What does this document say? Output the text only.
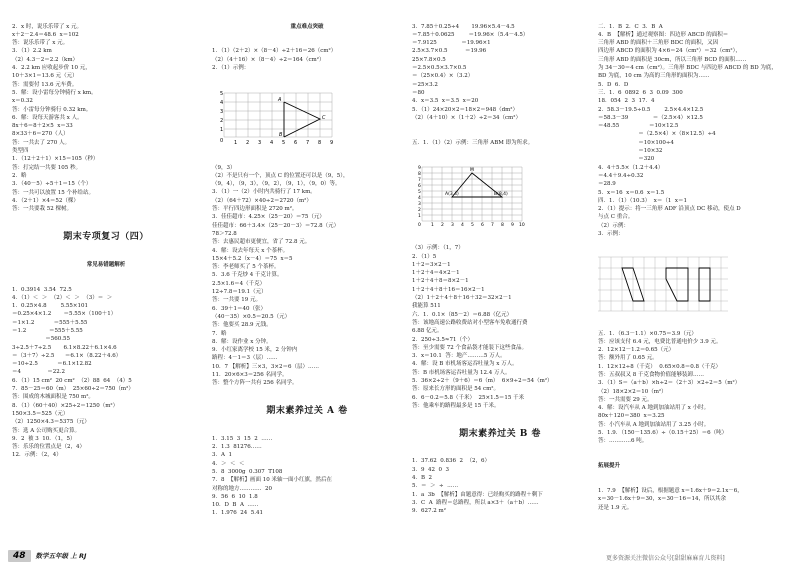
2．x 时，说乐乐带了 x 元。
x＋2－2.4＝48.6  x＝102
答：说乐乐带了 x 元。
3．（1）2.2 km
（2）4.3－2＝2.2（km）
4．2.2 km 应收起步价 10 元，
10＋3×1＝13.6 元（元）
答：需要付 13.6 元车费。
5．解：设小雷每分钟骑行 x km。
x＝0.32
答：小雷每分钟骑行 0.32 km。
6．解：设每天游客共 x 人。
8x＋6＝8＋2×5  x＝33
8×33＋6＝270（人）
答：一共去了 270 人。
类型四
1．（12＋2＋1）×15＝105（秒）
答：打完结一共要 105 秒。
2．略
3．（40－5）÷5＋1＝15（个）
答：一共可以放置 15 个补给站。
4．（2＋1）×4＝52（棵）
答：一共要栽 52 棵树。

期末专项复习（四）

常见易错题解析

1．0.3914  3.54  72.5
4．（1）＜  ＞  （2）＜  ＞  （3）＝  ＞
1．0.25×4.8        5.55×101
＝0.25×4×1.2       ＝5.55×（100＋1）
＝1×1.2           ＝555＋5.55
＝1.2             ＝555＋5.55
＝560.55
3÷2.5＋7÷2.5       6.1×8.22＋6.1×4.6
＝（3＋7）÷2.5      ＝6.1×（8.22＋4.6）
＝10÷2.5           ＝6.1×12.82
＝4               ＝22.2
6．（1）15 cm²  20 cm²  （2）88  64  （4）5
7．85－25＝60（m）  25×60÷2＝750（m²）
答：围成的木城面积是 750 m²。
8．（1）（60＋40）×25÷2＝1250（m²）
150×3.5＝525（元）
（2）1250×4.3＝5375（元）
答：选 A 公司购买更合算。
9．2  被 3  10．（1，5）
答：乐乐的位置点是（2，4）
12．示例：（2，4）

重点难点突破

1．（1）（2＋2）×（8－4）÷2＋16＝26（cm²）
（2）（4＋16）×（8－4）÷2＝164（cm²）
2．（1）示例：

5
4
3
2
1
0 1 2 3 4 5 6 7 8 9
A
B
C

（9，3）
（2）不是只有一个，顶点 C 的位置还可以是（9，5），
（9，4），（9，3），（9，2），（9，1），（9，0）等。
3．（1）一（2）小时内共骑行了 17 km。
（2）（64＋72）×40÷2＝2720（m²）
答：平行四边形面积是 2720 m²。
3．佳佳超市：4.25×（25－20）＝75（元）
佳佳超市：66＋3.4×（25－20－3）＝72.8（元）
78＞72.8
答：去惠民超市更便宜，省了 72.8 元。
4．解：设去年每天 x 个茶杯。
15×4＋5.2（x－4）＝75  x＝5
答：李老师买了 5 个茶杯。
5．3.6 千克炒 4 千克计算。
2.5×1.6＝4（千克）
12÷7.8＝19.1（元）
答：一共要 19 元。
6．39＋1＝40（张）
（40－35）×0.5＝20.5（元）
答：他要买 28.9 元钱。
7．略
8．解：设作业 x 分钟。
9．小红家离学校 15 米，2 分钟内
路程：4－1＝3（层）……
10．7 【解析】三×3，3×2＝6（层）……
11．20×6×3＝256 名同学。
答：整个方阵一共有 256 名同学。

期末素养过关 A 卷

1．3.15  3  15  2  ……
2．1.3  81276……
3．A  1
4．＞  ＜  ＜
5．8  3000g  0.307  T108
7．8  【解析】画面 10 米轴一面小红旗，然后在
对称的地方…………  20
9．56  6  10  1.8
10．D  B  A  ……
1．1.976  24  5.41

3．7.85＋0.25÷4       19.96×5.4－4.5
＝7.85＋0.0625        ＝19.96×（5.4－4.5）
＝7.9125              ＝19.96×1
2.5×3.7×0.5          ＝19.96
25×7.8×0.5
＝2.5×0.5×3.7×0.5
＝（25×0.4）×（3.2）
＝25×3.2
＝80
4．x＝3.5  x＝3.5  x＝20
5．（1）24×20×2＝18×2＝948（dm²）
（2）（4＋10）×（1＋2）÷2＝34（cm²）

五．1．（1）（2）示例：三角形 ABM 即为所求。

9
8
7
6
5
4
3
2
1
0 1 2 3 4 5 6 7 8 9 10
M
A(3,4)	B(8,4)

（3）示例：（1，7）
2．（1）5
1＋2＝3×2－1
1＋2＋4＝4×2－1
1＋2＋4＋8＝8×2－1
1＋2＋4＋8＋16＝16×2－1
（2）1＋2＋4＋8＋16＋32＝32×2－1
我能算 511
六．1．0.1×（85－2）＝6.88（亿元）
答：该地高速公路收费站对小型客车免收通行费
6.88 亿元。
2．250÷3.5≈71（个）
答：至少需要 72 个食品袋才能装下这些食品。
3．x＝10.1  答：地产………5 万人。
4．解：设 B 市机场客运吞吐量为 x 万人。
答：B 市机场客运吞吐量为 12.4 万人。
5．36×2÷2＋（9＋6）＝6（m）  6×9÷2＝54（m²）
答：原来长方形的面积是 54 cm²。
6．6－0.2＝5.8（千米）  25×1.5＝15 千米
答：他乘车的路程最多是 15 千米。

期末素养过关 B 卷

1．37.62  0.836  2  （2，6）
3．9  42  0  3
4．B  2
5．＝  ＞  ÷  ……
1．a  3b  【解析】由题意得：已经购买的路程＋剩下
3．C  A  路程＝总路程，所以 a×3＋（a＋b）……
9．627.2 m²

二．1．B  2．C  3．B  A
4．B  【解析】通过观察图：四边形 ABCD 的面积＝
三角形 ABD 的面积＋三角形 BDC 的面积，又因
四边形 ABCD 的面积为 4×6＝24（cm²）＝32（cm²），
三角形 ABD 的面积是 30cm，所以三角形 BCD 的面积……
为 34－30＝4 cm（cm²）。三角形 BDC 与四边形 ABCD 的 BD 为底，
BD 为底，10 cm 为高的三角形的面积为……
5．D  6．D
三．1．6  0892  6  3  0.09  300
18．054  2  3  17．4
2．58.3－19.5÷0.5        2.5×4.4×12.5
＝58.3－39              ＝（2.5×4）×12.5
＝48.55                 ＝10×12.5
＝（2.5×4）×（8×12.5）÷4
＝10×100÷4
＝10×32
＝320
4．4＋5.5×（1.2＋4.4）
＝4.4＋9.4÷0.32
＝28.9
5．x＝16  x＝0.6  x＝1.5
四．1．（1）（10.3）  x＝（1  x＝1
2．（1）提示：将一三角形 ADF 沿顶点 DC 移动，使点 D
与点 C 重合。
（2）示例：
3．示例：

五．1．（6.3－1.1）×0.75＝3.9（元）
答：应该支付 6.4 元，电费比普通电价少 3.9 元。
2．12×12－1.2＝0.65（元）
答：额外用了 0.65 元。
1．12×12÷8（千克）  0.65×0.8＝0.8（千克）
答：五叔叔又 8 千克食物价值能够装卸……
3．（1）S＝（a＋b）×h÷2＝（2＋3）×2÷2＝5（m²）
（2）18×2×2＝10（m²）
答：一共需要 29 元。
4．解：设汽车从 A 地到加油站用了 x 小时。
80x＋120＝380  x＝3.25
答：小汽车从 A 地到加油站用了 3.25 小时。
5．1.9．（150－135.6）÷（0.15＋25）＝6（吨）
答：…………6 吨。

拓展提升

1．7.9  【解析】设后，根据题意 x＝1.6x＋9＝2.1x－6，
x＝30－1.6x＋9＝30，x＝30－16＝14，所以其余
还是 1.9 元。

48	数学五年级 上 RJ	更多资源关注微信公众号[甜甜麻麻育儿资料]
